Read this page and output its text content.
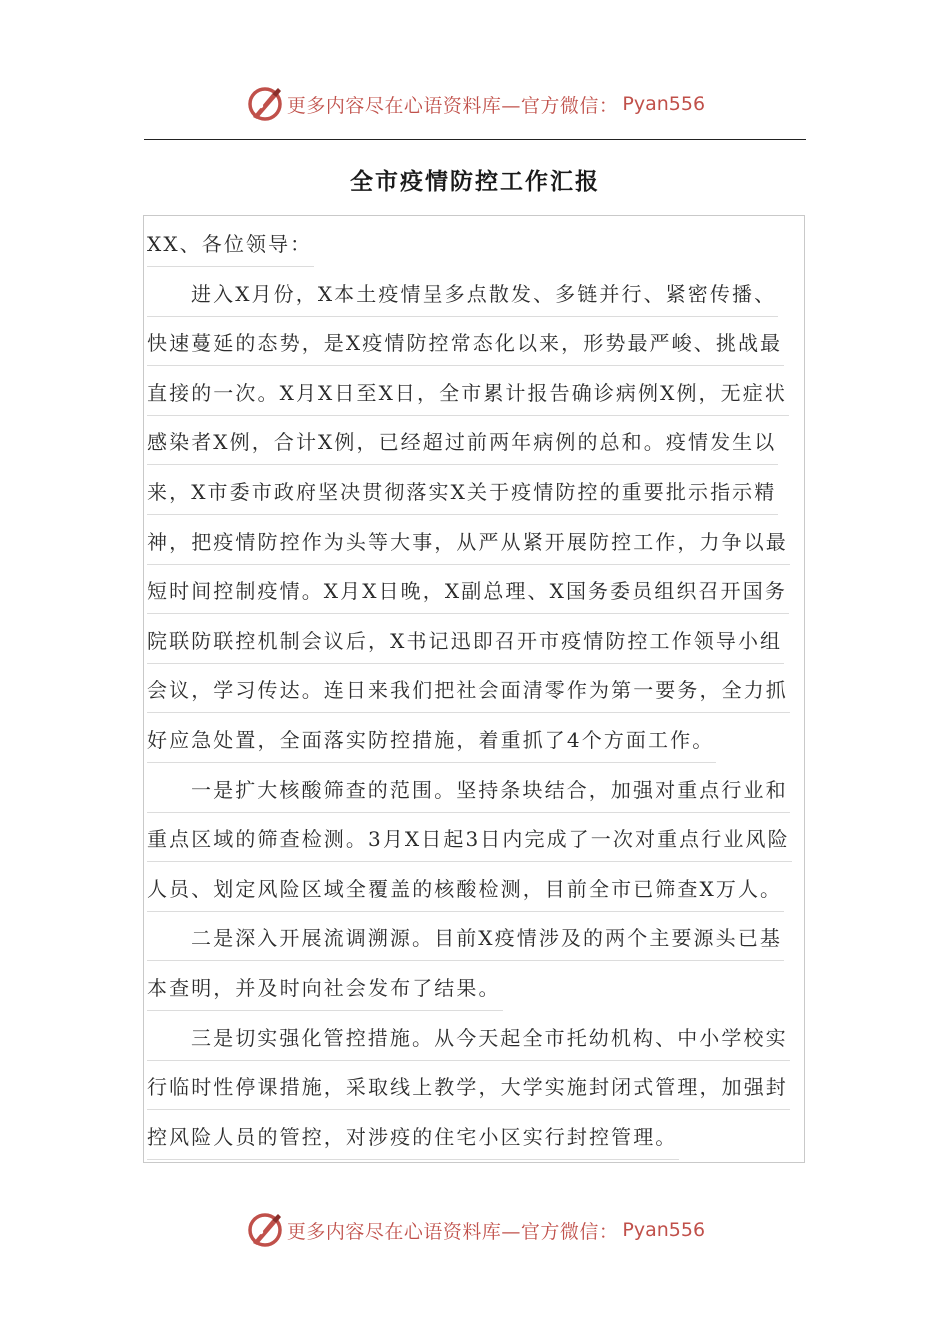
更多内容尽在心语资料库—官方微信： Pyan556
全市疫情防控工作汇报
XX、各位领导：
进入X月份，X本土疫情呈多点散发、多链并行、紧密传播、
快速蔓延的态势，是X疫情防控常态化以来，形势最严峻、挑战最
直接的一次。X月X日至X日，全市累计报告确诊病例X例，无症状
感染者X例，合计X例，已经超过前两年病例的总和。疫情发生以
来，X市委市政府坚决贯彻落实X关于疫情防控的重要批示指示精
神，把疫情防控作为头等大事，从严从紧开展防控工作，力争以最
短时间控制疫情。X月X日晚，X副总理、X国务委员组织召开国务
院联防联控机制会议后，X书记迅即召开市疫情防控工作领导小组
会议，学习传达。连日来我们把社会面清零作为第一要务，全力抓
好应急处置，全面落实防控措施，着重抓了4个方面工作。
一是扩大核酸筛查的范围。坚持条块结合，加强对重点行业和
重点区域的筛查检测。3月X日起3日内完成了一次对重点行业风险
人员、划定风险区域全覆盖的核酸检测，目前全市已筛查X万人。
二是深入开展流调溯源。目前X疫情涉及的两个主要源头已基
本查明，并及时向社会发布了结果。
三是切实强化管控措施。从今天起全市托幼机构、中小学校实
行临时性停课措施，采取线上教学，大学实施封闭式管理，加强封
控风险人员的管控，对涉疫的住宅小区实行封控管理。
更多内容尽在心语资料库—官方微信： Pyan556
